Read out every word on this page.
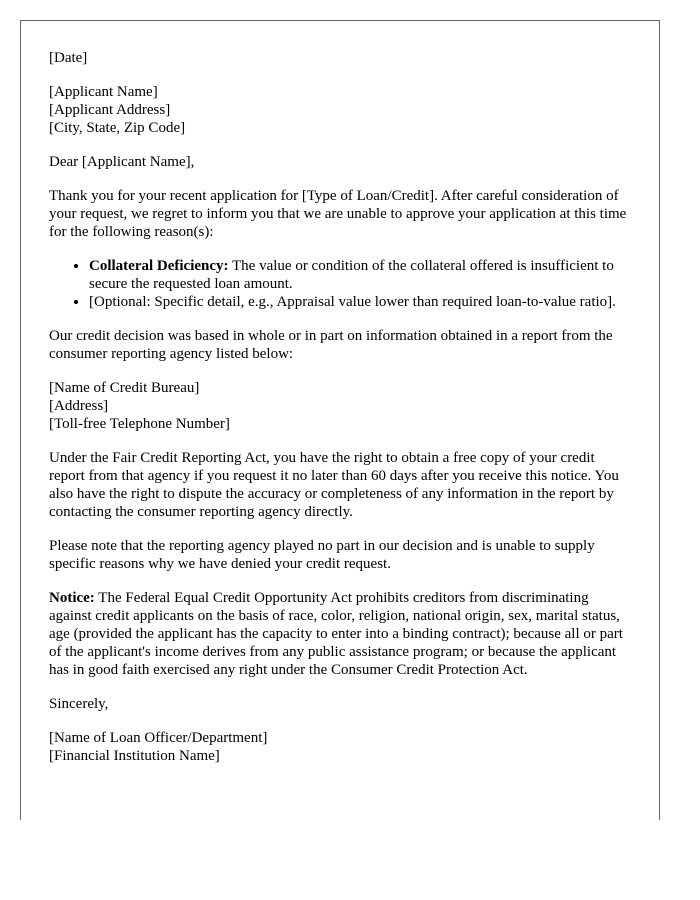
[Date]

[Applicant Name]
[Applicant Address]
[City, State, Zip Code]

Dear [Applicant Name],

Thank you for your recent application for [Type of Loan/Credit]. After careful consideration of your request, we regret to inform you that we are unable to approve your application at this time for the following reason(s):

• Collateral Deficiency: The value or condition of the collateral offered is insufficient to secure the requested loan amount.
• [Optional: Specific detail, e.g., Appraisal value lower than required loan-to-value ratio].

Our credit decision was based in whole or in part on information obtained in a report from the consumer reporting agency listed below:

[Name of Credit Bureau]
[Address]
[Toll-free Telephone Number]

Under the Fair Credit Reporting Act, you have the right to obtain a free copy of your credit report from that agency if you request it no later than 60 days after you receive this notice. You also have the right to dispute the accuracy or completeness of any information in the report by contacting the consumer reporting agency directly.

Please note that the reporting agency played no part in our decision and is unable to supply specific reasons why we have denied your credit request.

Notice: The Federal Equal Credit Opportunity Act prohibits creditors from discriminating against credit applicants on the basis of race, color, religion, national origin, sex, marital status, age (provided the applicant has the capacity to enter into a binding contract); because all or part of the applicant's income derives from any public assistance program; or because the applicant has in good faith exercised any right under the Consumer Credit Protection Act.

Sincerely,

[Name of Loan Officer/Department]
[Financial Institution Name]
